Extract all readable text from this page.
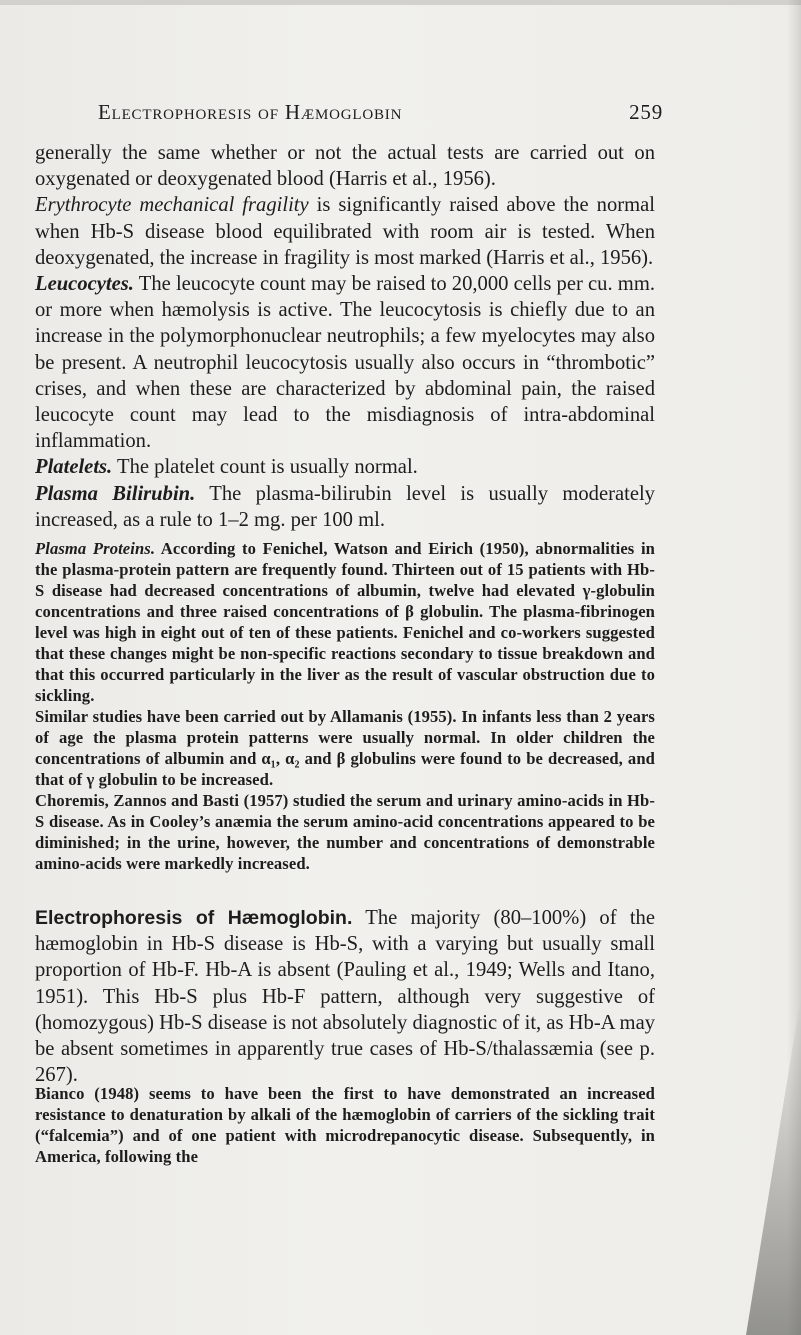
Electrophoresis of Hæmoglobin	259

generally the same whether or not the actual tests are carried out on oxygenated or deoxygenated blood (Harris et al., 1956).

Erythrocyte mechanical fragility is significantly raised above the normal when Hb-S disease blood equilibrated with room air is tested. When deoxygenated, the increase in fragility is most marked (Harris et al., 1956).

Leucocytes. The leucocyte count may be raised to 20,000 cells per cu. mm. or more when hæmolysis is active. The leucocytosis is chiefly due to an increase in the polymorphonuclear neutrophils; a few myelocytes may also be present. A neutrophil leucocytosis usually also occurs in “thrombotic” crises, and when these are characterized by abdominal pain, the raised leucocyte count may lead to the misdiagnosis of intra-abdominal inflammation.

Platelets. The platelet count is usually normal.

Plasma Bilirubin. The plasma-bilirubin level is usually moderately increased, as a rule to 1–2 mg. per 100 ml.

Plasma Proteins. According to Fenichel, Watson and Eirich (1950), abnormalities in the plasma-protein pattern are frequently found. Thirteen out of 15 patients with Hb-S disease had decreased concentrations of albumin, twelve had elevated γ-globulin concentrations and three raised concentrations of β globulin. The plasma-fibrinogen level was high in eight out of ten of these patients. Fenichel and co-workers suggested that these changes might be non-specific reactions secondary to tissue breakdown and that this occurred particularly in the liver as the result of vascular obstruction due to sickling.

Similar studies have been carried out by Allamanis (1955). In infants less than 2 years of age the plasma protein patterns were usually normal. In older children the concentrations of albumin and α₁, α₂ and β globulins were found to be decreased, and that of γ globulin to be increased.

Choremis, Zannos and Basti (1957) studied the serum and urinary amino-acids in Hb-S disease. As in Cooley’s anæmia the serum amino-acid concentrations appeared to be diminished; in the urine, however, the number and concentrations of demonstrable amino-acids were markedly increased.

Electrophoresis of Hæmoglobin. The majority (80–100%) of the hæmoglobin in Hb-S disease is Hb-S, with a varying but usually small proportion of Hb-F. Hb-A is absent (Pauling et al., 1949; Wells and Itano, 1951). This Hb-S plus Hb-F pattern, although very suggestive of (homozygous) Hb-S disease is not absolutely diagnostic of it, as Hb-A may be absent sometimes in apparently true cases of Hb-S/thalassæmia (see p. 267).

Bianco (1948) seems to have been the first to have demonstrated an increased resistance to denaturation by alkali of the hæmoglobin of carriers of the sickling trait (“falcemia”) and of one patient with microdrepanocytic disease. Subsequently, in America, following the
